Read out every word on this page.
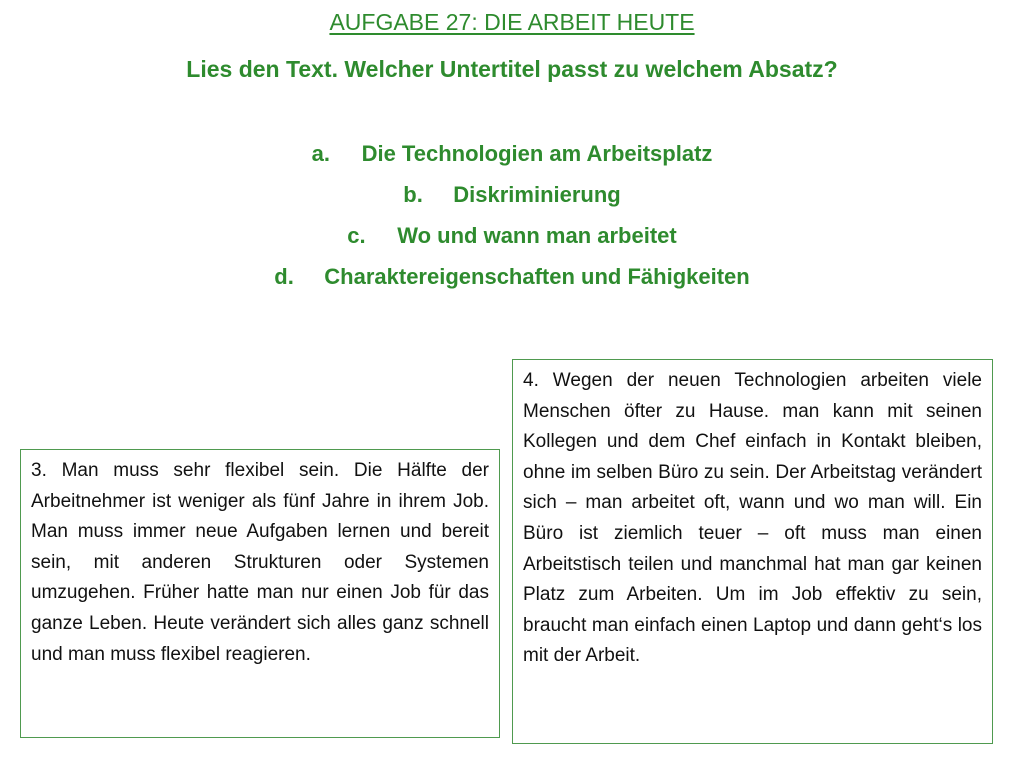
AUFGABE 27: DIE ARBEIT HEUTE
Lies den Text. Welcher Untertitel passt zu welchem Absatz?
a. Die Technologien am Arbeitsplatz
b. Diskriminierung
c. Wo und wann man arbeitet
d. Charaktereigenschaften und Fähigkeiten

3. Man muss sehr flexibel sein. Die Hälfte der Arbeitnehmer ist weniger als fünf Jahre in ihrem Job. Man muss immer neue Aufgaben lernen und bereit sein, mit anderen Strukturen oder Systemen umzugehen. Früher hatte man nur einen Job für das ganze Leben. Heute verändert sich alles ganz schnell und man muss flexibel reagieren.

4. Wegen der neuen Technologien arbeiten viele Menschen öfter zu Hause. man kann mit seinen Kollegen und dem Chef einfach in Kontakt bleiben, ohne im selben Büro zu sein. Der Arbeitstag verändert sich – man arbeitet oft, wann und wo man will. Ein Büro ist ziemlich teuer – oft muss man einen Arbeitstisch teilen und manchmal hat man gar keinen Platz zum Arbeiten. Um im Job effektiv zu sein, braucht man einfach einen Laptop und dann geht‘s los mit der Arbeit.
